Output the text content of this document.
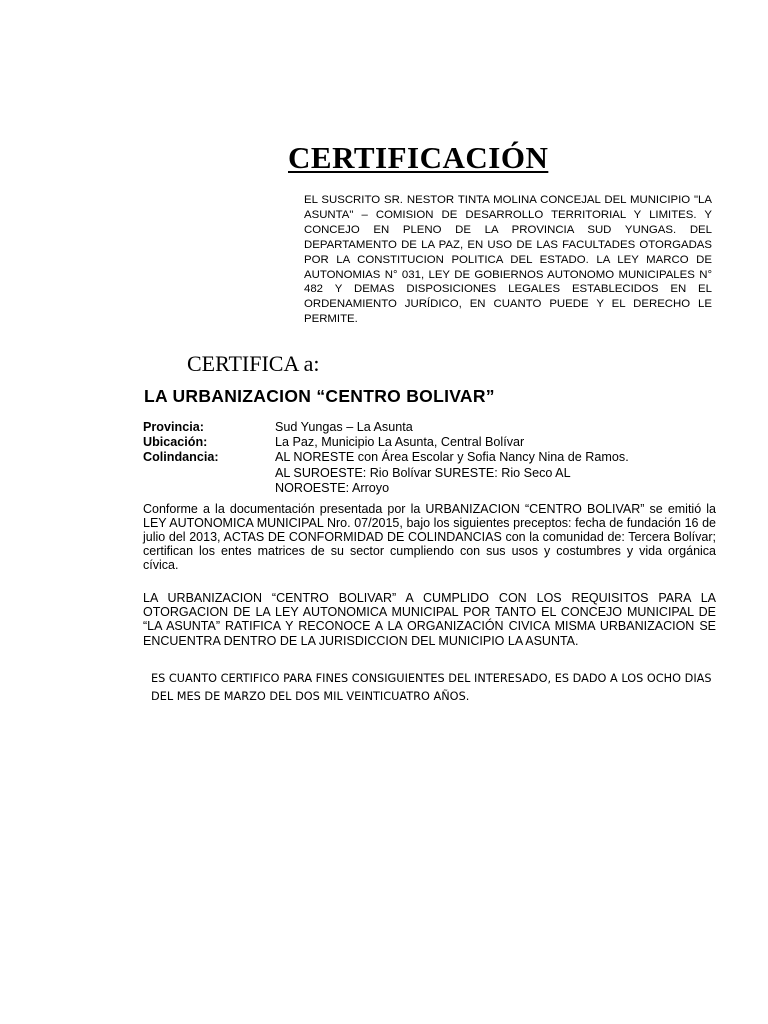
CERTIFICACIÓN
EL SUSCRITO SR. NESTOR TINTA MOLINA CONCEJAL DEL MUNICIPIO "LA ASUNTA" – COMISION DE DESARROLLO TERRITORIAL Y LIMITES. Y CONCEJO EN PLENO DE LA PROVINCIA SUD YUNGAS. DEL DEPARTAMENTO DE LA PAZ, EN USO DE LAS FACULTADES OTORGADAS POR LA CONSTITUCION POLITICA DEL ESTADO. LA LEY MARCO DE AUTONOMIAS N° 031, LEY DE GOBIERNOS AUTONOMO MUNICIPALES N° 482 Y DEMAS DISPOSICIONES LEGALES ESTABLECIDOS EN EL ORDENAMIENTO JURÍDICO, EN CUANTO PUEDE Y EL DERECHO LE PERMITE.
CERTIFICA a:
LA URBANIZACION “CENTRO BOLIVAR”
Provincia:	Sud Yungas – La Asunta
Ubicación:	La Paz, Municipio La Asunta, Central Bolívar
Colindancia:	AL NORESTE con Área Escolar y Sofia Nancy Nina de Ramos.
AL SUROESTE: Rio Bolívar SURESTE: Rio Seco AL
NOROESTE: Arroyo
Conforme a la documentación presentada por la URBANIZACION “CENTRO BOLIVAR” se emitió la LEY AUTONOMICA MUNICIPAL Nro. 07/2015, bajo los siguientes preceptos: fecha de fundación 16 de julio del 2013, ACTAS DE CONFORMIDAD DE COLINDANCIAS con la comunidad de: Tercera Bolívar; certifican los entes matrices de su sector cumpliendo con sus usos y costumbres y vida orgánica cívica.
LA URBANIZACION “CENTRO BOLIVAR” A CUMPLIDO CON LOS REQUISITOS PARA LA OTORGACION DE LA LEY AUTONOMICA MUNICIPAL POR TANTO EL CONCEJO MUNICIPAL DE “LA ASUNTA” RATIFICA Y RECONOCE A LA ORGANIZACIÓN CIVICA MISMA URBANIZACION SE ENCUENTRA DENTRO DE LA JURISDICCION DEL MUNICIPIO LA ASUNTA.
ES CUANTO CERTIFICO PARA FINES CONSIGUIENTES DEL INTERESADO, ES DADO A LOS OCHO DIAS DEL MES DE MARZO DEL DOS MIL VEINTICUATRO AÑOS.
